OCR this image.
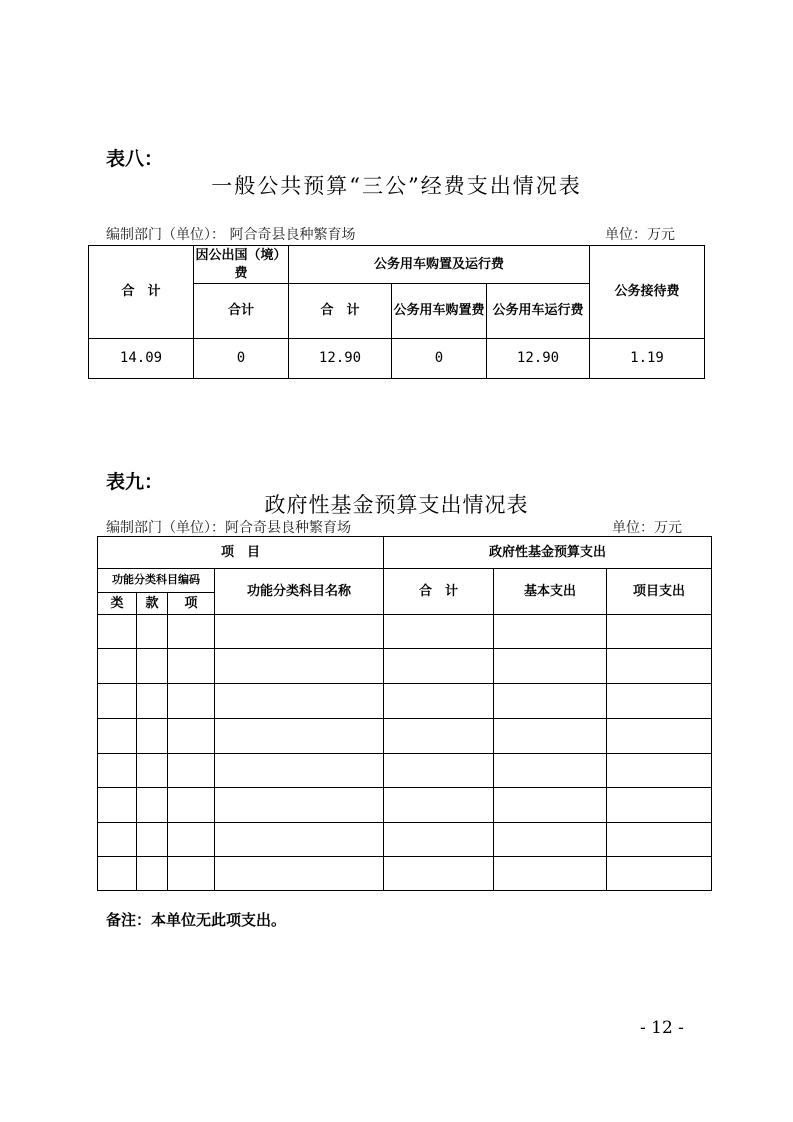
表八：
一般公共预算“三公”经费支出情况表
编制部门（单位）： 阿合奇县良种繁育场	单位：万元
合　计	因公出国（境）费	公务用车购置及运行费			公务接待费
	合计	合　计	公务用车购置费	公务用车运行费	
14.09	0	12.90	0	12.90	1.19
表九：
政府性基金预算支出情况表
编制部门（单位）：阿合奇县良种繁育场	单位：万元
项　目				政府性基金预算支出		
功能分类科目编码			功能分类科目名称	合　计	基本支出	项目支出
类	款	项				

备注：本单位无此项支出。
- 12 -
